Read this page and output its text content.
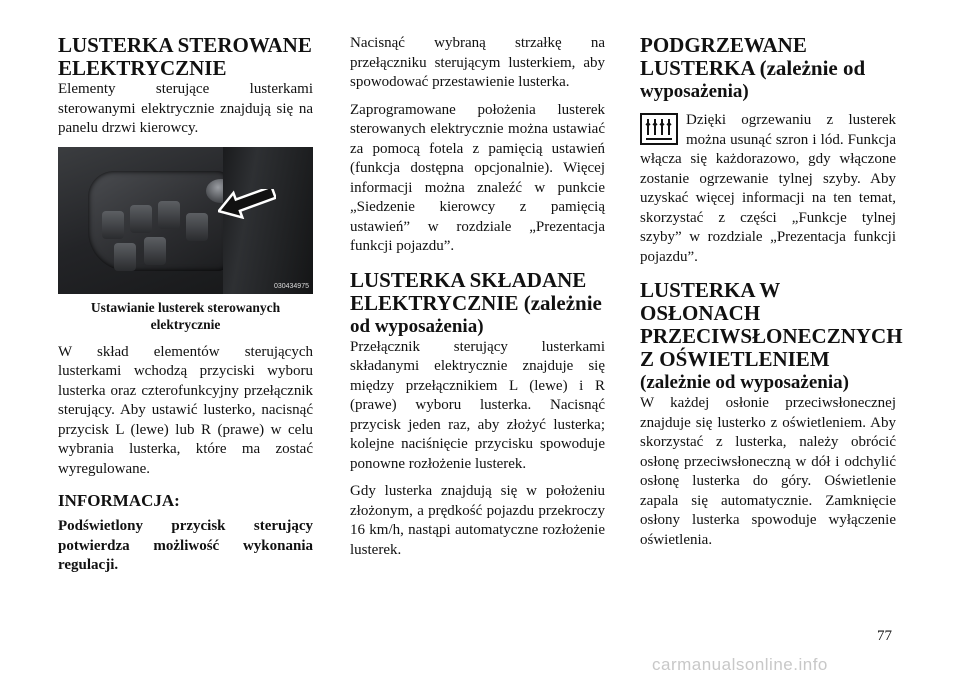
LUSTERKA STEROWANE ELEKTRYCZNIE

Elementy sterujące lusterkami sterowanymi elektrycznie znajdują się na panelu drzwi kierowcy.

030434975

Ustawianie lusterek sterowanych elektrycznie

W skład elementów sterujących lusterkami wchodzą przyciski wyboru lusterka oraz czterofunkcyjny przełącznik sterujący. Aby ustawić lusterko, nacisnąć przycisk L (lewe) lub R (prawe) w celu wybrania lusterka, które ma zostać wyregulowane.

INFORMACJA:

Podświetlony przycisk sterujący potwierdza możliwość wykonania regulacji.

Nacisnąć wybraną strzałkę na przełączniku sterującym lusterkiem, aby spowodować przestawienie lusterka.

Zaprogramowane położenia lusterek sterowanych elektrycznie można ustawiać za pomocą fotela z pamięcią ustawień (funkcja dostępna opcjonalnie). Więcej informacji można znaleźć w punkcie „Siedzenie kierowcy z pamięcią ustawień” w rozdziale „Prezentacja funkcji pojazdu”.

LUSTERKA SKŁADANE ELEKTRYCZNIE (zależnie
od wyposażenia)

Przełącznik sterujący lusterkami składanymi elektrycznie znajduje się między przełącznikiem L (lewe) i R (prawe) wyboru lusterka. Nacisnąć przycisk jeden raz, aby złożyć lusterka; kolejne naciśnięcie przycisku spowoduje ponowne rozłożenie lusterek.

Gdy lusterka znajdują się w położeniu złożonym, a prędkość pojazdu przekroczy 16 km/h, nastąpi automatyczne rozłożenie lusterek.

PODGRZEWANE LUSTERKA (zależnie od
wyposażenia)

Dzięki ogrzewaniu z lusterek można usunąć szron i lód. Funkcja włącza się każdorazowo, gdy włączone zostanie ogrzewanie tylnej szyby. Aby uzyskać więcej informacji na ten temat, skorzystać z części „Funkcje tylnej szyby” w rozdziale „Prezentacja funkcji pojazdu”.

LUSTERKA W OSŁONACH PRZECIWSŁONECZNYCH Z OŚWIETLENIEM
(zależnie od wyposażenia)

W każdej osłonie przeciwsłonecznej znajduje się lusterko z oświetleniem. Aby skorzystać z lusterka, należy obrócić osłonę przeciwsłoneczną w dół i odchylić osłonę lusterka do góry. Oświetlenie zapala się automatycznie. Zamknięcie osłony lusterka spowoduje wyłączenie oświetlenia.

77
carmanualsonline.info
